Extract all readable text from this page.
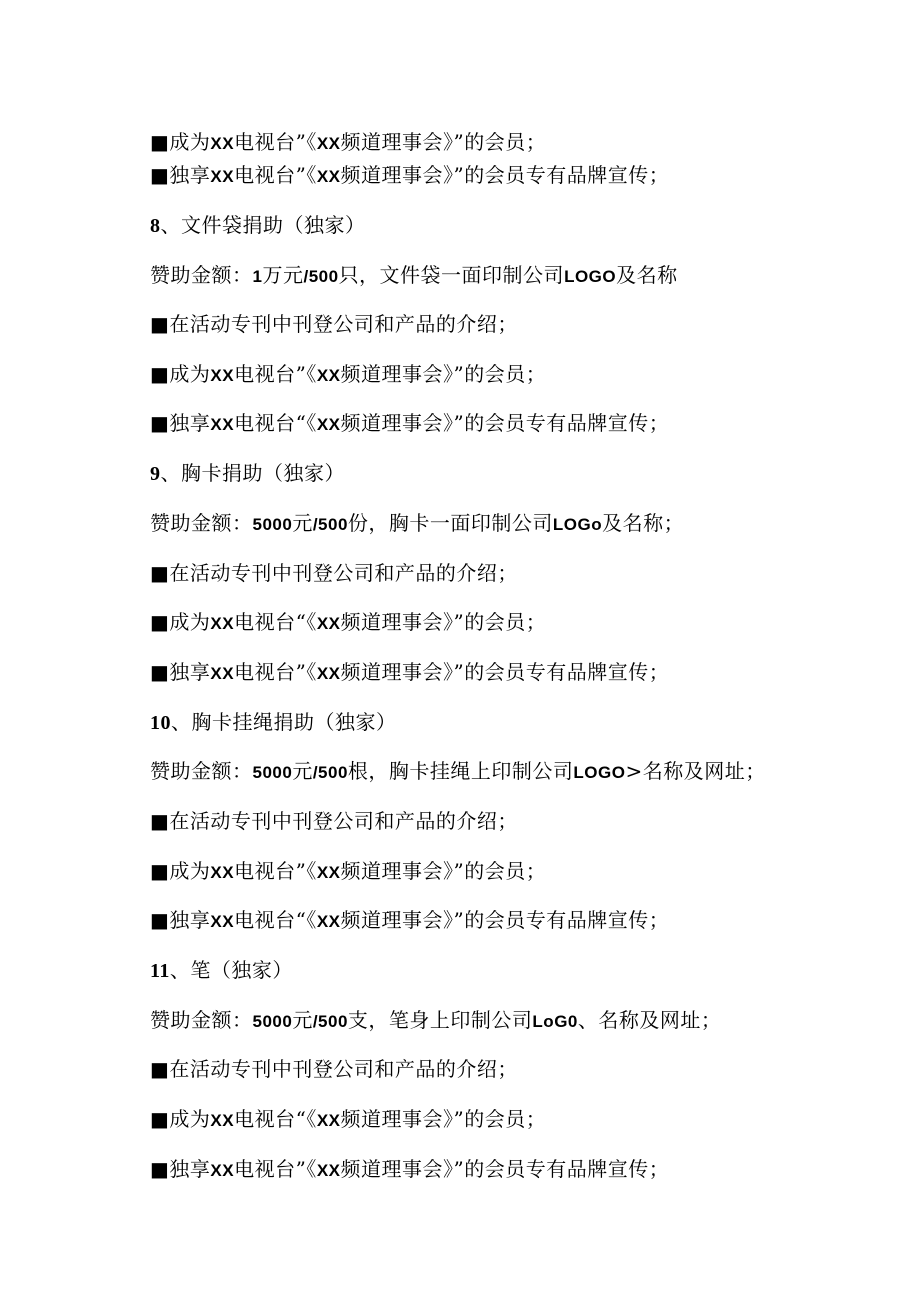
■成为XX电视台”《XX频道理事会》”的会员；
■独享XX电视台”《XX频道理事会》”的会员专有品牌宣传；
8、文件袋捐助（独家）
赞助金额：1万元/500只，文件袋一面印制公司LOGO及名称
■在活动专刊中刊登公司和产品的介绍；
■成为XX电视台”《XX频道理事会》”的会员；
■独享XX电视台“《XX频道理事会》”的会员专有品牌宣传；
9、胸卡捐助（独家）
赞助金额：5000元/500份，胸卡一面印制公司LOGo及名称；
■在活动专刊中刊登公司和产品的介绍；
■成为XX电视台“《XX频道理事会》”的会员；
■独享XX电视台”《XX频道理事会》”的会员专有品牌宣传；
10、胸卡挂绳捐助（独家）
赞助金额：5000元/500根，胸卡挂绳上印制公司LOGO>名称及网址；
■在活动专刊中刊登公司和产品的介绍；
■成为XX电视台”《XX频道理事会》”的会员；
■独享XX电视台“《XX频道理事会》”的会员专有品牌宣传；
11、笔（独家）
赞助金额：5000元/500支，笔身上印制公司LoG0、名称及网址；
■在活动专刊中刊登公司和产品的介绍；
■成为XX电视台“《XX频道理事会》”的会员；
■独享XX电视台”《XX频道理事会》”的会员专有品牌宣传；
